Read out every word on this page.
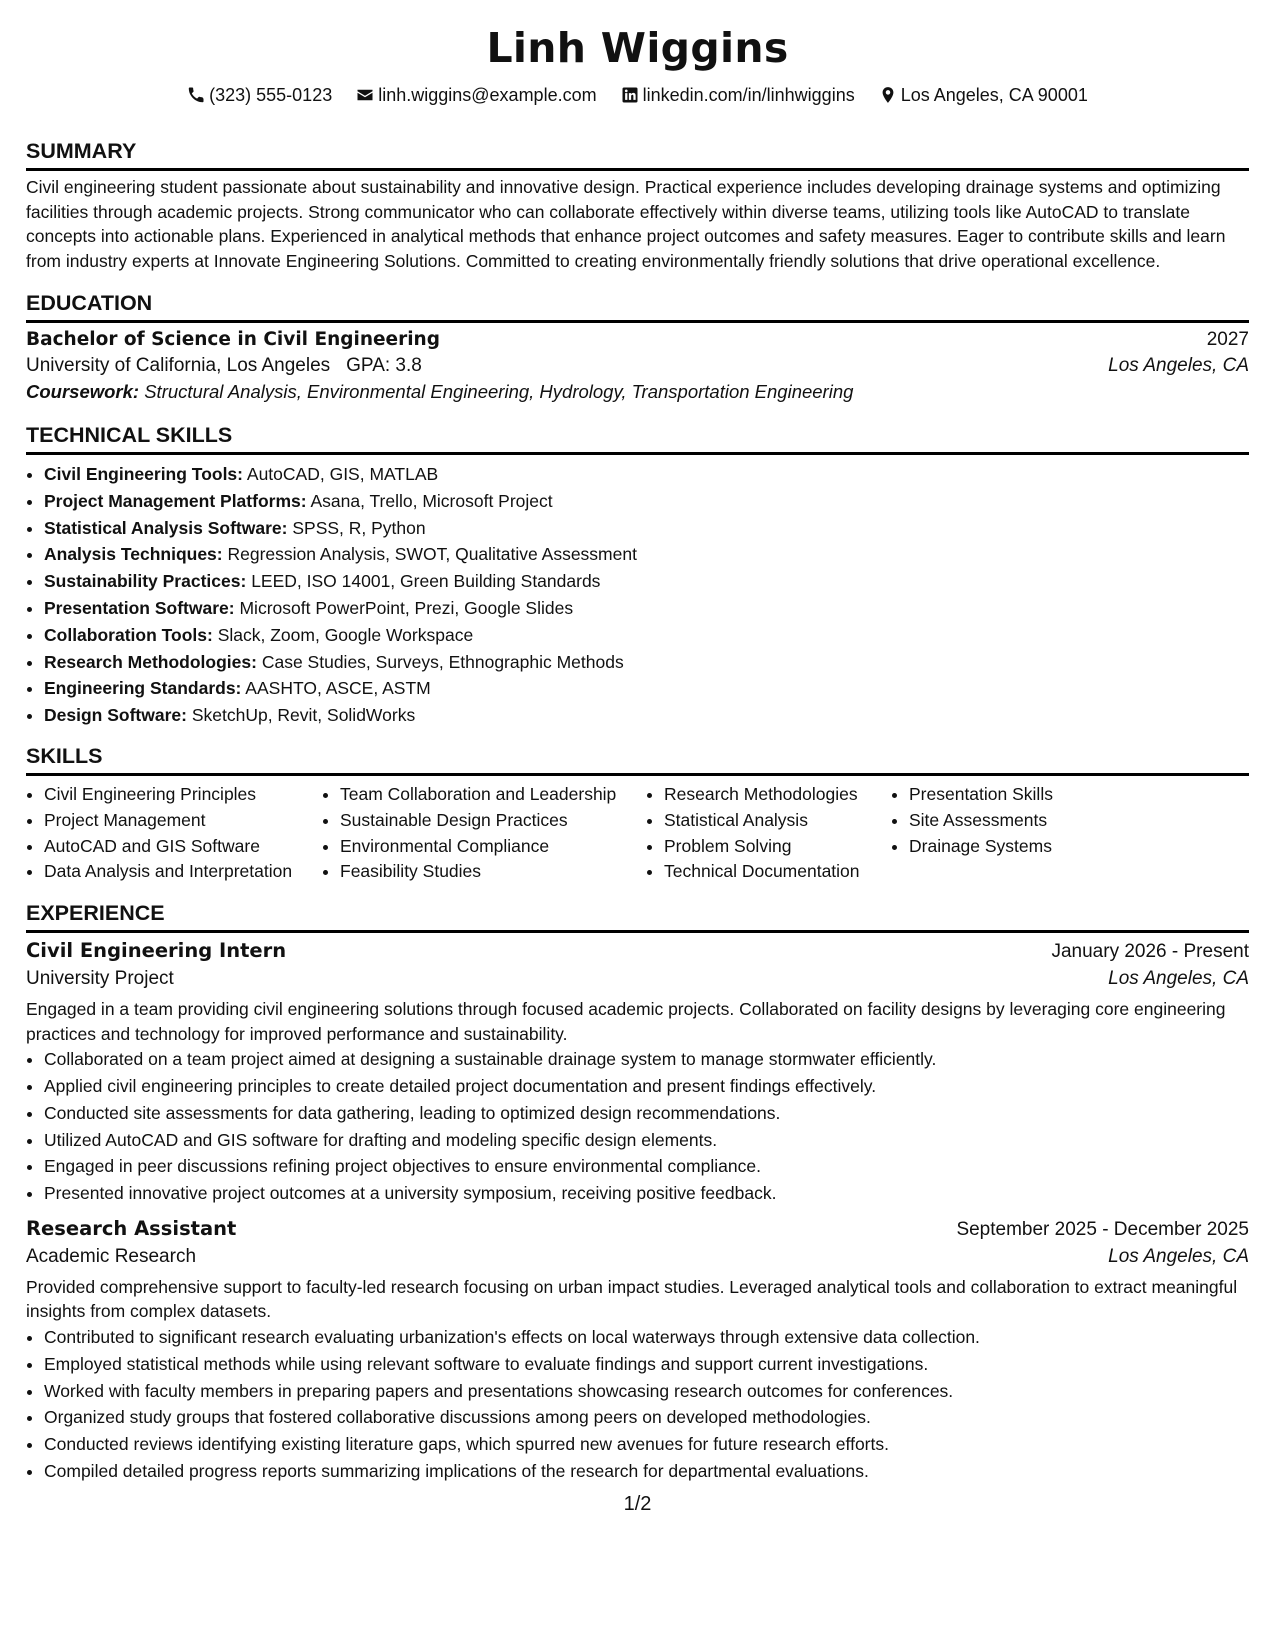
Linh Wiggins
(323) 555-0123	linh.wiggins@example.com	linkedin.com/in/linhwiggins	Los Angeles, CA 90001
SUMMARY
Civil engineering student passionate about sustainability and innovative design. Practical experience includes developing drainage systems and optimizing facilities through academic projects. Strong communicator who can collaborate effectively within diverse teams, utilizing tools like AutoCAD to translate concepts into actionable plans. Experienced in analytical methods that enhance project outcomes and safety measures. Eager to contribute skills and learn from industry experts at Innovate Engineering Solutions. Committed to creating environmentally friendly solutions that drive operational excellence.
EDUCATION
Bachelor of Science in Civil Engineering	2027
University of California, Los Angeles GPA: 3.8	Los Angeles, CA
Coursework: Structural Analysis, Environmental Engineering, Hydrology, Transportation Engineering
TECHNICAL SKILLS
• Civil Engineering Tools: AutoCAD, GIS, MATLAB
• Project Management Platforms: Asana, Trello, Microsoft Project
• Statistical Analysis Software: SPSS, R, Python
• Analysis Techniques: Regression Analysis, SWOT, Qualitative Assessment
• Sustainability Practices: LEED, ISO 14001, Green Building Standards
• Presentation Software: Microsoft PowerPoint, Prezi, Google Slides
• Collaboration Tools: Slack, Zoom, Google Workspace
• Research Methodologies: Case Studies, Surveys, Ethnographic Methods
• Engineering Standards: AASHTO, ASCE, ASTM
• Design Software: SketchUp, Revit, SolidWorks
SKILLS
• Civil Engineering Principles
• Project Management
• AutoCAD and GIS Software
• Data Analysis and Interpretation
• Team Collaboration and Leadership
• Sustainable Design Practices
• Environmental Compliance
• Feasibility Studies
• Research Methodologies
• Statistical Analysis
• Problem Solving
• Technical Documentation
• Presentation Skills
• Site Assessments
• Drainage Systems
EXPERIENCE
Civil Engineering Intern	January 2026 - Present
University Project	Los Angeles, CA
Engaged in a team providing civil engineering solutions through focused academic projects. Collaborated on facility designs by leveraging core engineering practices and technology for improved performance and sustainability.
• Collaborated on a team project aimed at designing a sustainable drainage system to manage stormwater efficiently.
• Applied civil engineering principles to create detailed project documentation and present findings effectively.
• Conducted site assessments for data gathering, leading to optimized design recommendations.
• Utilized AutoCAD and GIS software for drafting and modeling specific design elements.
• Engaged in peer discussions refining project objectives to ensure environmental compliance.
• Presented innovative project outcomes at a university symposium, receiving positive feedback.
Research Assistant	September 2025 - December 2025
Academic Research	Los Angeles, CA
Provided comprehensive support to faculty-led research focusing on urban impact studies. Leveraged analytical tools and collaboration to extract meaningful insights from complex datasets.
• Contributed to significant research evaluating urbanization's effects on local waterways through extensive data collection.
• Employed statistical methods while using relevant software to evaluate findings and support current investigations.
• Worked with faculty members in preparing papers and presentations showcasing research outcomes for conferences.
• Organized study groups that fostered collaborative discussions among peers on developed methodologies.
• Conducted reviews identifying existing literature gaps, which spurred new avenues for future research efforts.
• Compiled detailed progress reports summarizing implications of the research for departmental evaluations.
1/2
